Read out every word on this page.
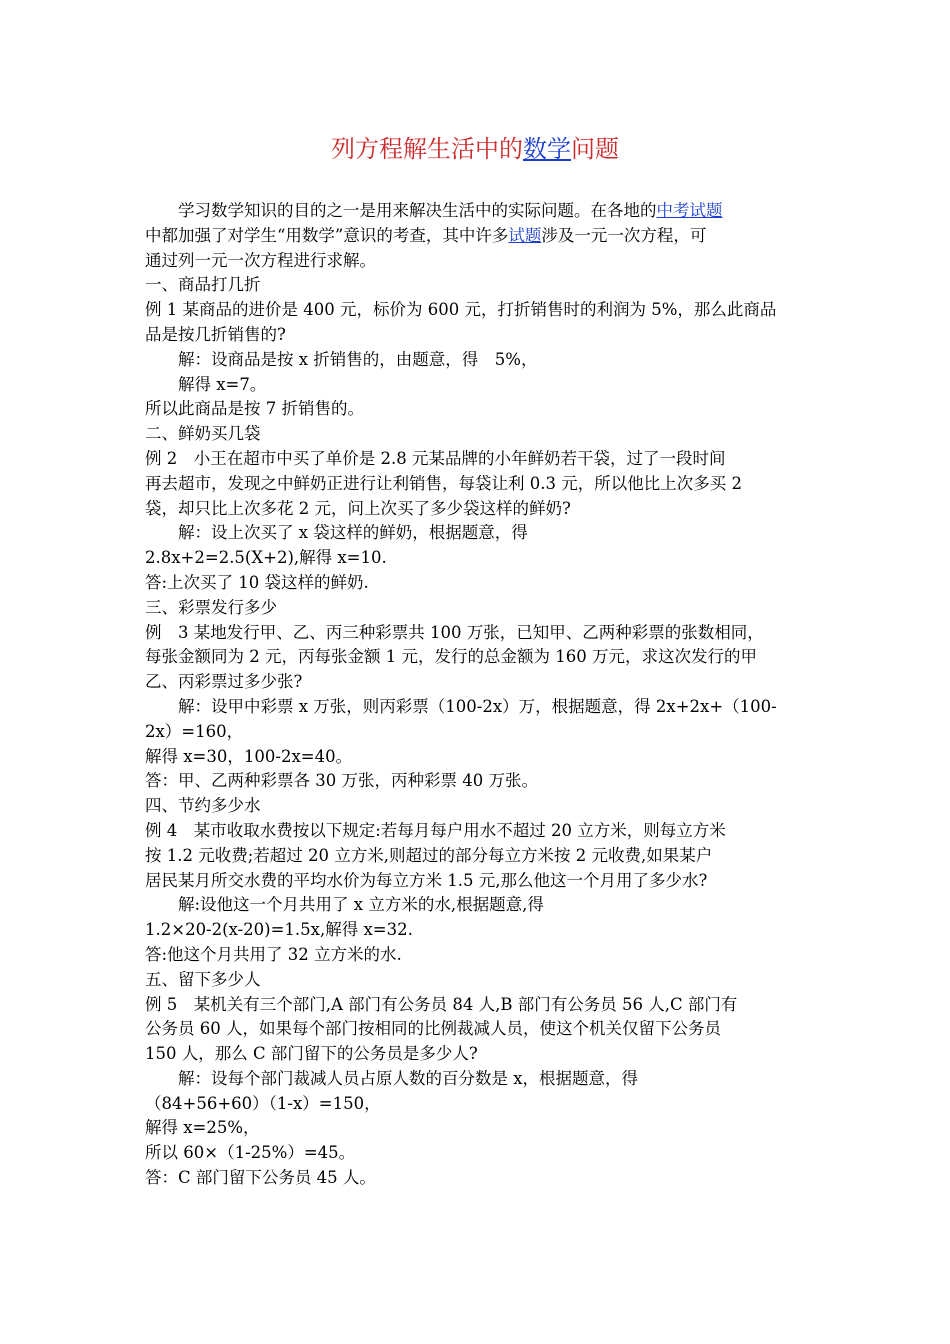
列方程解生活中的数学问题
学习数学知识的目的之一是用来解决生活中的实际问题。在各地的中考试题
中都加强了对学生“用数学”意识的考查，其中许多试题涉及一元一次方程，可
通过列一元一次方程进行求解。
一、商品打几折
例 1 某商品的进价是 400 元，标价为 600 元，打折销售时的利润为 5%，那么此商品
品是按几折销售的?
解：设商品是按 x 折销售的，由题意，得　5%，
解得 x=7。
所以此商品是按 7 折销售的。
二、鲜奶买几袋
例 2　小王在超市中买了单价是 2.8 元某品牌的小年鲜奶若干袋，过了一段时间
再去超市，发现之中鲜奶正进行让利销售，每袋让利 0.3 元，所以他比上次多买 2
袋，却只比上次多花 2 元，问上次买了多少袋这样的鲜奶?
解：设上次买了 x 袋这样的鲜奶，根据题意，得
2.8x+2=2.5(X+2),解得 x=10.
答:上次买了 10 袋这样的鲜奶.
三、彩票发行多少
例　3 某地发行甲、乙、丙三种彩票共 100 万张，已知甲、乙两种彩票的张数相同，
每张金额同为 2 元，丙每张金额 1 元，发行的总金额为 160 万元，求这次发行的甲
乙、丙彩票过多少张?
解：设甲中彩票 x 万张，则丙彩票（100-2x）万，根据题意，得 2x+2x+（100-
2x）=160，
解得 x=30，100-2x=40。
答：甲、乙两种彩票各 30 万张，丙种彩票 40 万张。
四、节约多少水
例 4　某市收取水费按以下规定:若每月每户用水不超过 20 立方米，则每立方米
按 1.2 元收费;若超过 20 立方米,则超过的部分每立方米按 2 元收费,如果某户
居民某月所交水费的平均水价为每立方米 1.5 元,那么他这一个月用了多少水?
解:设他这一个月共用了 x 立方米的水,根据题意,得
1.2×20-2(x-20)=1.5x,解得 x=32.
答:他这个月共用了 32 立方米的水.
五、留下多少人
例 5　某机关有三个部门,A 部门有公务员 84 人,B 部门有公务员 56 人,C 部门有
公务员 60 人，如果每个部门按相同的比例裁减人员，使这个机关仅留下公务员
150 人，那么 C 部门留下的公务员是多少人?
解：设每个部门裁减人员占原人数的百分数是 x，根据题意，得
（84+56+60）（1-x）=150，
解得 x=25%，
所以 60×（1-25%）=45。
答：C 部门留下公务员 45 人。
